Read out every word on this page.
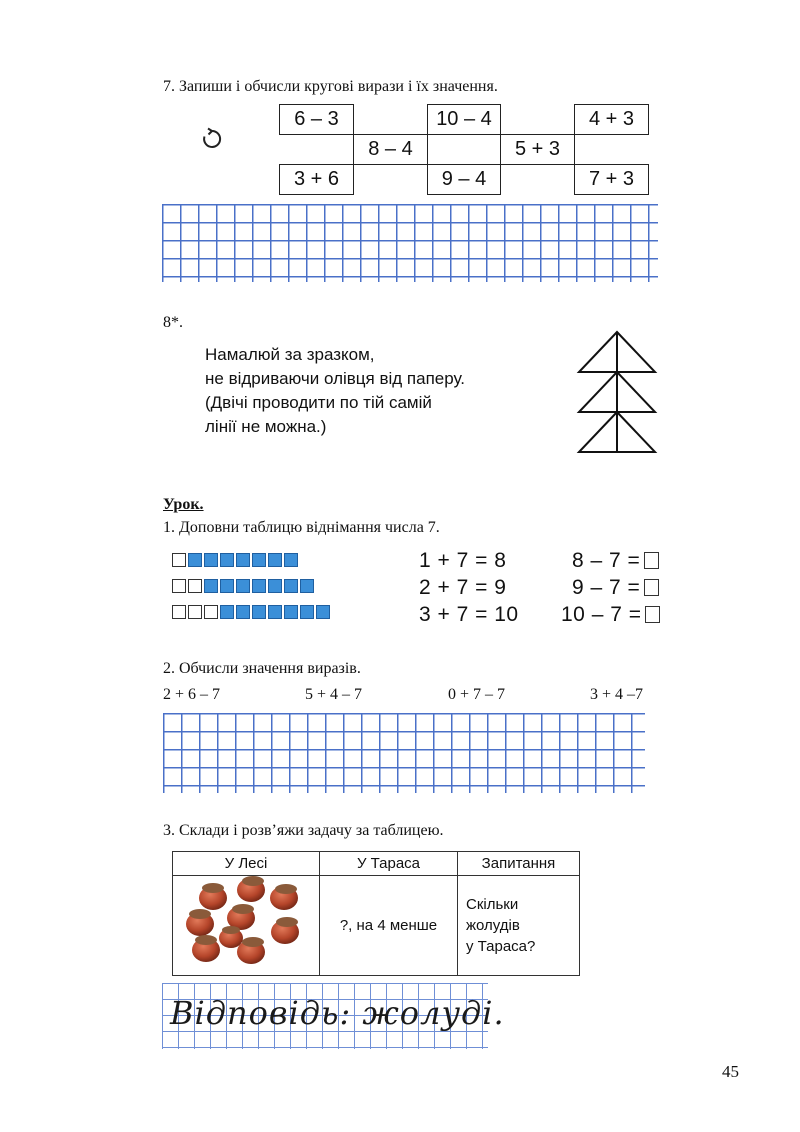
7. Запиши і обчисли кругові вирази і їх значення.
6 – 3	10 – 4	4 + 3
8 – 4	5 + 3
3 + 6	9 – 4	7 + 3
8*.
Намалюй за зразком,
не відриваючи олівця від паперу.
(Двічі проводити по тій самій
лінії не можна.)
Урок.
1. Доповни таблицю віднімання числа 7.
1 + 7 = 8
2 + 7 = 9
3 + 7 = 10
8 – 7 =
9 – 7 =
10 – 7 =
2. Обчисли значення виразів.
2 + 6 – 7	5 + 4 – 7	0 + 7 – 7	3 + 4 –7
3. Склади і розв’яжи задачу за таблицею.
У Лесі	У Тараса	Запитання
	?, на 4 менше	Скільки
жолудів
у Тараса?
Відповідь: жолуді.
45
